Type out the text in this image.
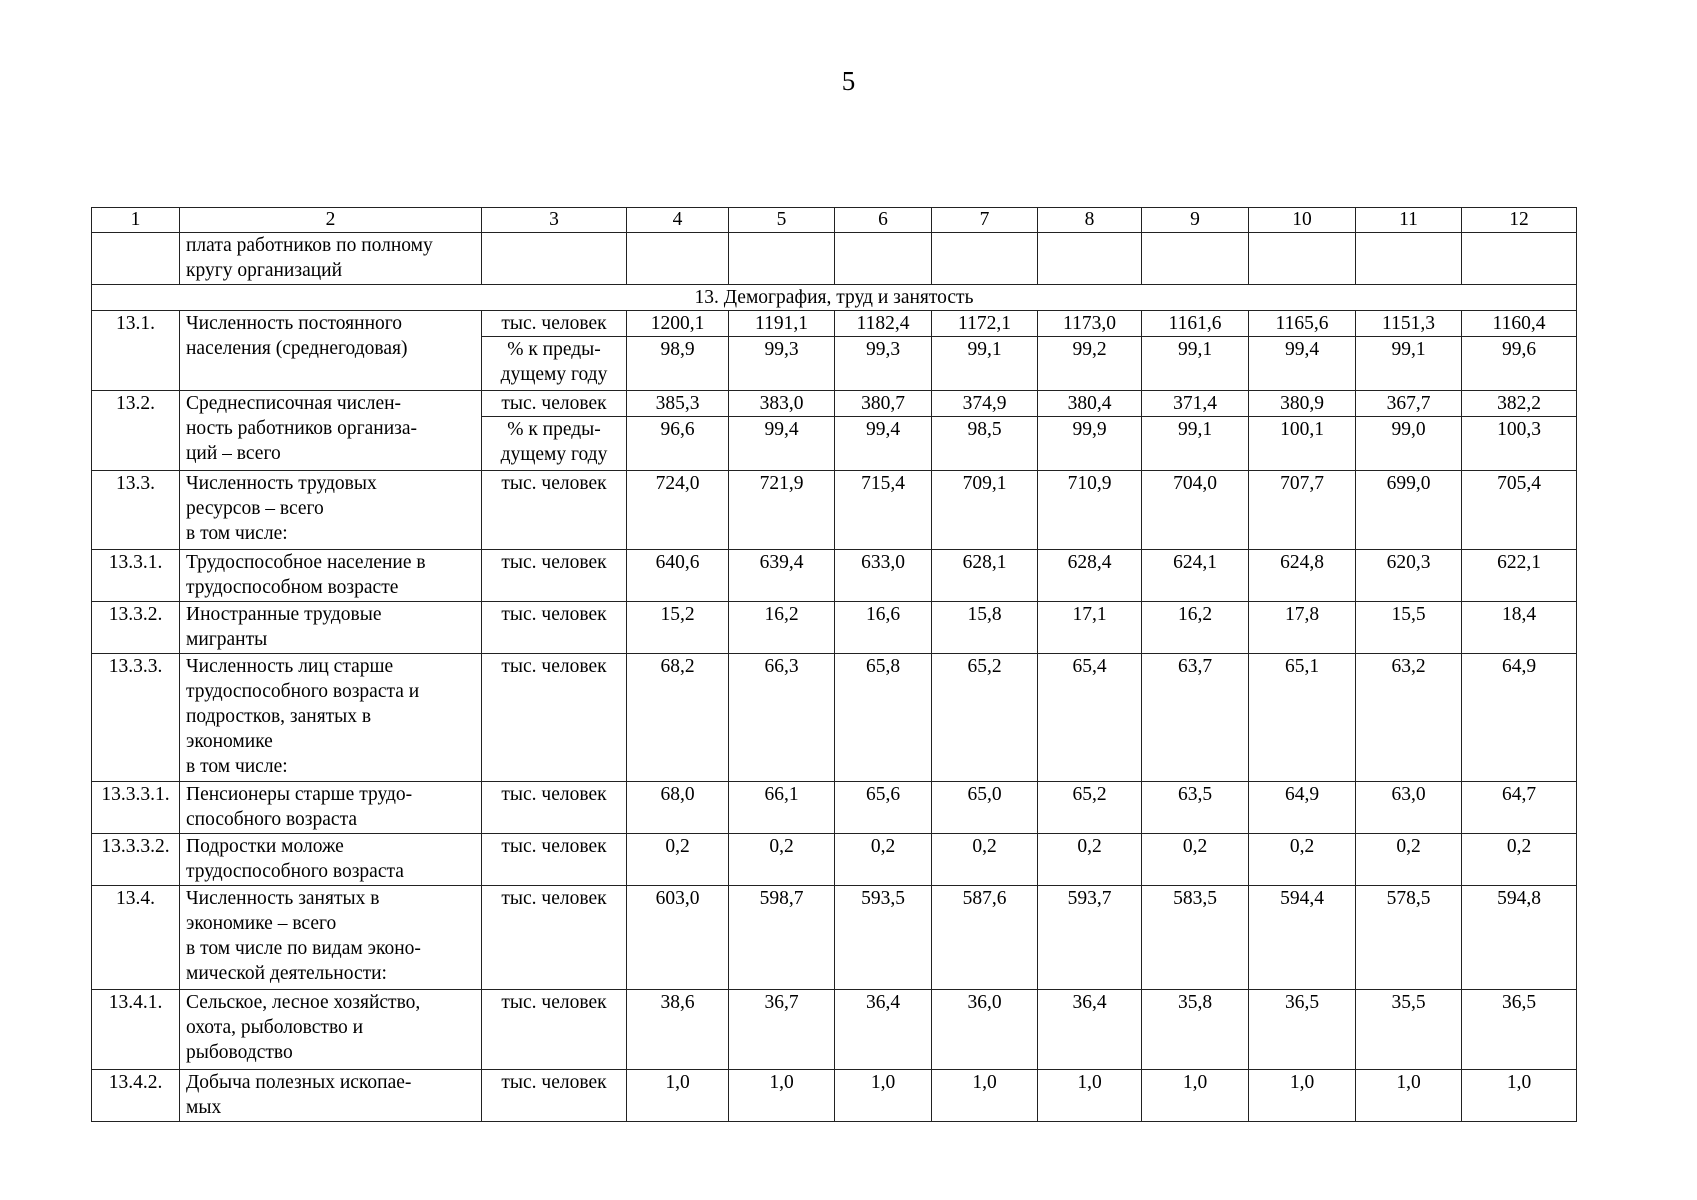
5
1	2	3	4	5	6	7	8	9	10	11	12

	плата работников по полному
кругу организаций										

13. Демография, труд и занятость											
13.1.	Численность постоянного
населения (среднегодовая)	тыс. человек	1200,1	1191,1	1182,4	1172,1	1173,0	1161,6	1165,6	1151,3	1160,4
		% к преды-
дущему году	98,9	99,3	99,3	99,1	99,2	99,1	99,4	99,1	99,6
13.2.	Среднесписочная числен-
ность работников организа-
ций – всего	тыс. человек	385,3	383,0	380,7	374,9	380,4	371,4	380,9	367,7	382,2
		% к преды-
дущему году	96,6	99,4	99,4	98,5	99,9	99,1	100,1	99,0	100,3
13.3.	Численность трудовых
ресурсов – всего
в том числе:	тыс. человек	724,0	721,9	715,4	709,1	710,9	704,0	707,7	699,0	705,4
13.3.1.	Трудоспособное население в
трудоспособном возрасте	тыс. человек	640,6	639,4	633,0	628,1	628,4	624,1	624,8	620,3	622,1
13.3.2.	Иностранные трудовые
мигранты	тыс. человек	15,2	16,2	16,6	15,8	17,1	16,2	17,8	15,5	18,4
13.3.3.	Численность лиц старше
трудоспособного возраста и
подростков, занятых в
экономике
в том числе:	тыс. человек	68,2	66,3	65,8	65,2	65,4	63,7	65,1	63,2	64,9
13.3.3.1.	Пенсионеры старше трудо-
способного возраста	тыс. человек	68,0	66,1	65,6	65,0	65,2	63,5	64,9	63,0	64,7
13.3.3.2.	Подростки моложе
трудоспособного возраста	тыс. человек	0,2	0,2	0,2	0,2	0,2	0,2	0,2	0,2	0,2
13.4.	Численность занятых в
экономике – всего
в том числе по видам эконо-
мической деятельности:	тыс. человек	603,0	598,7	593,5	587,6	593,7	583,5	594,4	578,5	594,8
13.4.1.	Сельское, лесное хозяйство,
охота, рыболовство и
рыбоводство	тыс. человек	38,6	36,7	36,4	36,0	36,4	35,8	36,5	35,5	36,5
13.4.2.	Добыча полезных ископае-
мых	тыс. человек	1,0	1,0	1,0	1,0	1,0	1,0	1,0	1,0	1,0
